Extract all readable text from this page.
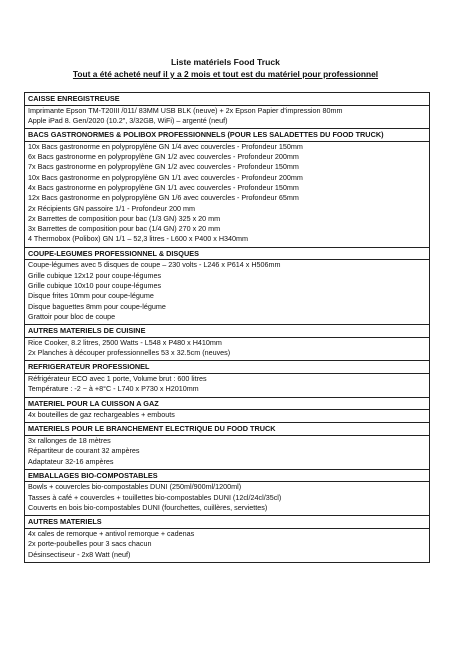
Liste matériels Food Truck
Tout a été acheté neuf il y a 2 mois et tout est du matériel pour professionnel
CAISSE ENREGISTREUSE
Imprimante Epson TM-T20III /011/ 83MM USB BLK (neuve) + 2x Epson Papier d'impression 80mm
Apple iPad 8. Gen/2020 (10.2", 3/32GB, WiFi) – argenté (neuf)
BACS GASTRONORMES & POLIBOX PROFESSIONNELS (POUR LES SALADETTES DU FOOD TRUCK)
10x Bacs gastronorme en polypropylène GN 1/4 avec couvercles - Profondeur 150mm
6x Bacs gastronorme en polypropylène GN 1/2 avec couvercles - Profondeur 200mm
7x Bacs gastronorme en polypropylène GN 1/2 avec couvercles - Profondeur 150mm
10x Bacs gastronorme en polypropylène GN 1/1 avec couvercles - Profondeur 200mm
4x Bacs gastronorme en polypropylène GN 1/1 avec couvercles - Profondeur 150mm
12x Bacs gastronorme en polypropylène GN 1/6 avec couvercles - Profondeur 65mm
2x Récipients GN passoire 1/1 - Profondeur 200 mm
2x Barrettes de composition pour bac (1/3 GN) 325 x 20 mm
3x Barrettes de composition pour bac (1/4 GN) 270 x 20 mm
4 Thermobox (Polibox) GN 1/1 – 52,3 litres - L600 x P400 x H340mm
COUPE-LEGUMES PROFESSIONNEL & DISQUES
Coupe-légumes avec 5 disques de coupe – 230 volts - L246 x P614 x H506mm
Grille cubique 12x12 pour coupe-légumes
Grille cubique 10x10 pour coupe-légumes
Disque frites 10mm pour coupe-légume
Disque baguettes 8mm pour coupe-légume
Grattoir pour bloc de coupe
AUTRES MATERIELS DE CUISINE
Rice Cooker, 8.2 litres, 2500 Watts - L548 x P480 x H410mm
2x Planches à découper professionnelles 53 x 32.5cm (neuves)
REFRIGERATEUR PROFESSIONEL
Réfrigérateur ECO avec 1 porte, Volume brut : 600 litres
Température : -2 ~ à +8°C - L740 x P730 x H2010mm
MATERIEL POUR LA CUISSON A GAZ
4x bouteilles de gaz rechargeables + embouts
MATERIELS POUR LE BRANCHEMENT ELECTRIQUE DU FOOD TRUCK
3x rallonges de 18 mètres
Répartiteur de courant 32 ampères
Adaptateur 32-16 ampères
EMBALLAGES BIO-COMPOSTABLES
Bowls + couvercles bio-compostables DUNI (250ml/900ml/1200ml)
Tasses à café + couvercles + touillettes bio-compostables DUNI (12cl/24cl/35cl)
Couverts en bois bio-compostables DUNI (fourchettes, cuillères, serviettes)
AUTRES MATERIELS
4x cales de remorque + antivol remorque + cadenas
2x porte-poubelles pour 3 sacs chacun
Désinsectiseur - 2x8 Watt (neuf)
